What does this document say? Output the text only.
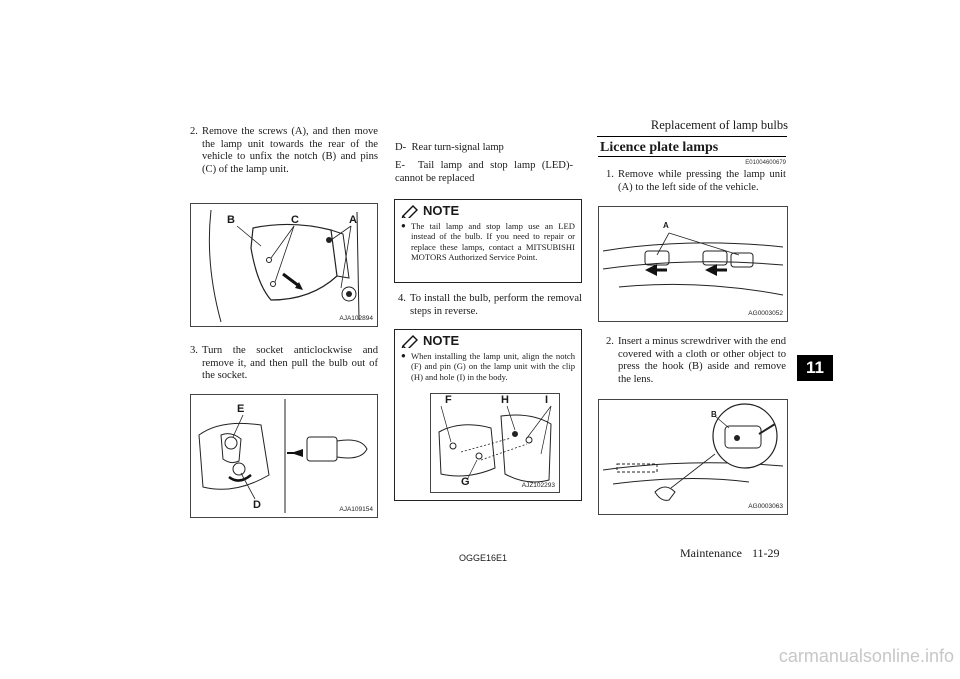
Replacement of lamp bulbs
11
2. Remove the screws (A), and then move the lamp unit towards the rear of the vehicle to unfix the notch (B) and pins (C) of the lamp unit.
B	C	A
AJA102894
3. Turn the socket anticlockwise and remove it, and then pull the bulb out of the socket.
E
D	AJA109154
D-  Rear turn-signal lamp
E-  Tail lamp and stop lamp (LED)-cannot be replaced
NOTE
● The tail lamp and stop lamp use an LED instead of the bulb. If you need to repair or replace these lamps, contact a MITSUBISHI MOTORS Authorized Service Point.
4. To install the bulb, perform the removal steps in reverse.
NOTE
● When installing the lamp unit, align the notch (F) and pin (G) on the lamp unit with the clip (H) and hole (I) in the body.
F	H	I
G	AJZ102293
Licence plate lamps
E01004600679
1. Remove while pressing the lamp unit (A) to the left side of the vehicle.
A
AG0003052
2. Insert a minus screwdriver with the end covered with a cloth or other object to press the hook (B) aside and remove the lens.
B
AG0003063
OGGE16E1	Maintenance 11-29
carmanualsonline.info
